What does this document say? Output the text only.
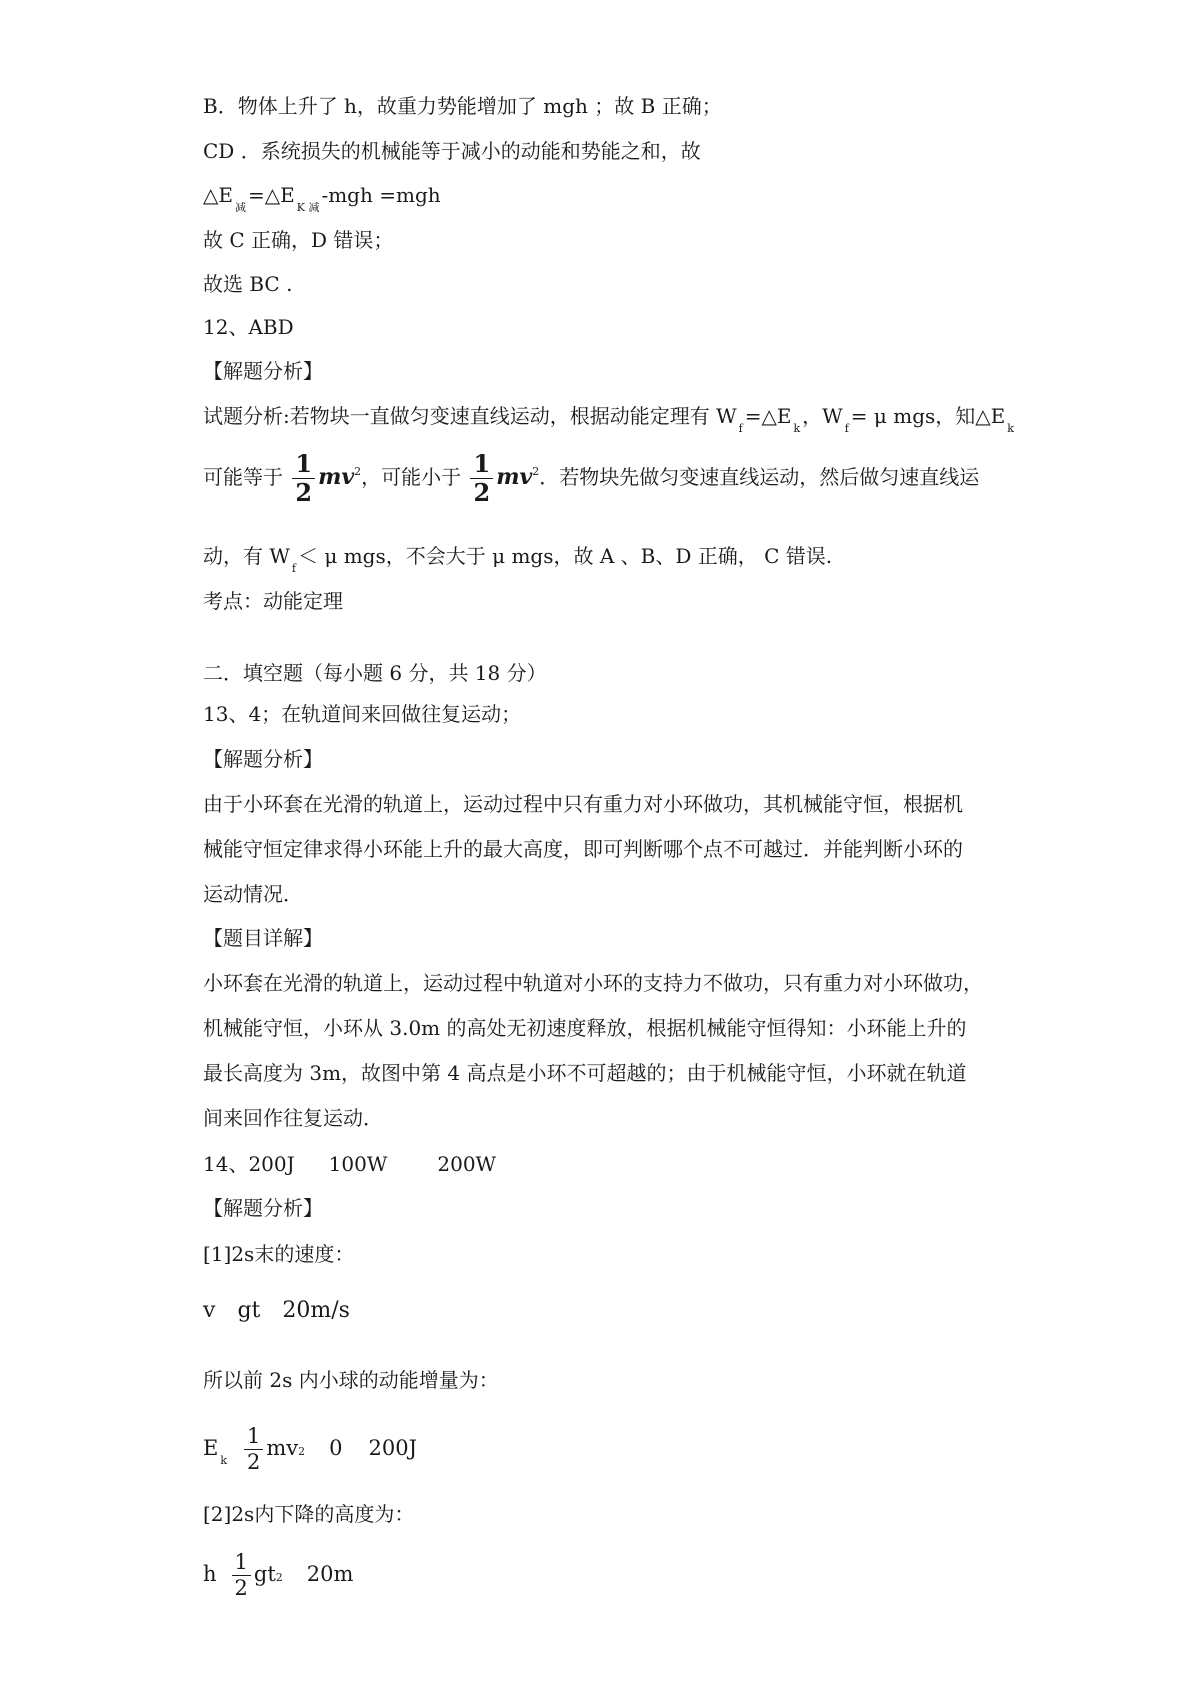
B．物体上升了 h，故重力势能增加了 mgh ；故 B 正确；
CD ．系统损失的机械能等于减小的动能和势能之和，故
$\triangle E_减=\triangle E_{K 减}$-mgh =mgh
故 C 正确，D 错误；
故选 BC .
12、ABD
【解题分析】
试题分析:若物块一直做匀变速直线运动，根据动能定理有 $W_f=\triangle E_k$，$W_f= \mu$ mgs，知$\triangle E_k$
可能等于 $\frac{1}{2} mv^2$，可能小于 $\frac{1}{2} mv^2$．若物块先做匀变速直线运动，然后做匀速直线运
动，有 $W_f< \mu$ mgs，不会大于 μ mgs，故 A 、B、D 正确， C 错误.
考点：动能定理
二．填空题（每小题 6 分，共 18 分）
13、4；在轨道间来回做往复运动；
【解题分析】
由于小环套在光滑的轨道上，运动过程中只有重力对小环做功，其机械能守恒，根据机
械能守恒定律求得小环能上升的最大高度，即可判断哪个点不可越过．并能判断小环的
运动情况．
【题目详解】
小环套在光滑的轨道上，运动过程中轨道对小环的支持力不做功，只有重力对小环做功，
机械能守恒，小环从 3.0m 的高处无初速度释放，根据机械能守恒得知：小环能上升的
最长高度为 3m，故图中第 4 高点是小环不可超越的；由于机械能守恒，小环就在轨道
间来回作往复运动．
14、200J 100W	200W
【解题分析】
[1]2s末的速度：
v gt 20m/s
所以前 2s 内小球的动能增量为：
$E_k \frac{1}{2} mv2$ 0 200J
[2]2s内下降的高度为：
h $\frac{1}{2} gt2$ 20m
